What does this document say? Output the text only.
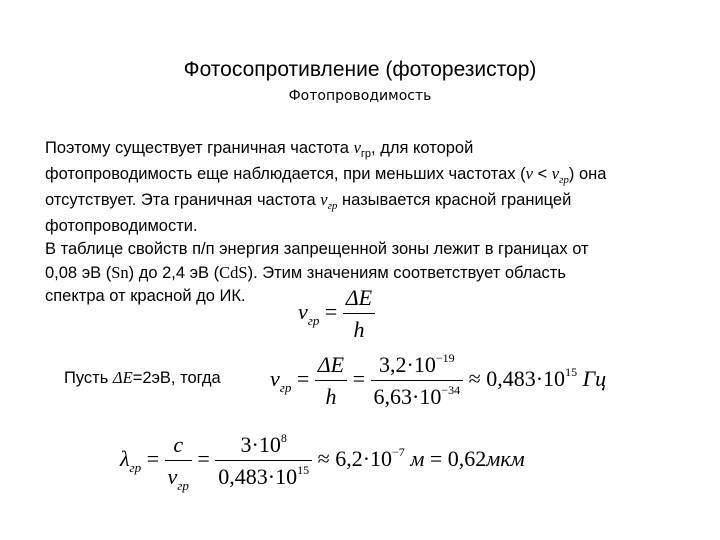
Фотосопротивление (фоторезистор)
Фотопроводимость
Поэтому существует граничная частота $\nu_{гр}$, для которой
фотопроводимость еще наблюдается, при меньших частотах $(\nu < \nu_{гр})$ она
отсутствует. Эта граничная частота $\nu_{гр}$ называется красной границей
фотопроводимости.
В таблице свойств п/п энергия запрещенной зоны лежит в границах от
0,08 эВ (Sn) до 2,4 эВ (CdS). Этим значениям соответствует область
спектра от красной до ИК.
$\nu_{гр} = \frac{\Delta E}{h}$
Пусть ΔE=2эВ, тогда $\nu_{гр} = \frac{\Delta E}{h} = \frac{3,2\cdot 10^{-19}}{6,63\cdot 10^{-34}} \approx 0,483\cdot 10^{15}$ Гц
$\lambda_{гр} = \frac{c}{\nu_{гр}} = \frac{3\cdot 10^8}{0,483\cdot 10^{15}} \approx 6,2\cdot 10^{-7}$ м = 0,62мкм
